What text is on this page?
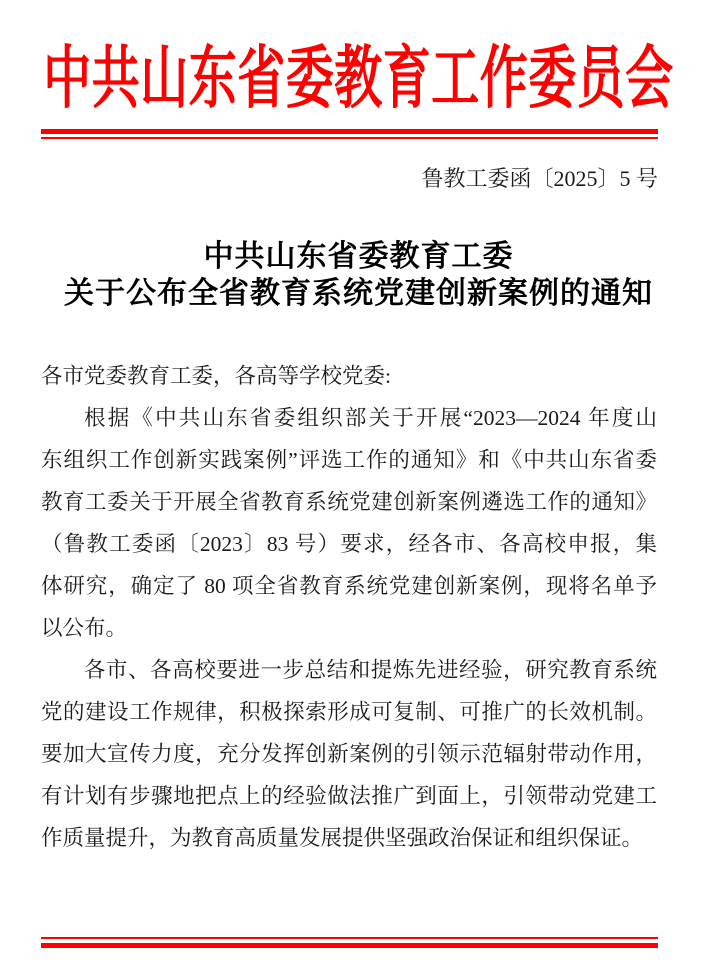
中共山东省委教育工作委员会
鲁教工委函〔2025〕5 号
中共山东省委教育工委
关于公布全省教育系统党建创新案例的通知
各市党委教育工委，各高等学校党委:
根据《中共山东省委组织部关于开展“2023—2024 年度山
东组织工作创新实践案例”评选工作的通知》和《中共山东省委
教育工委关于开展全省教育系统党建创新案例遴选工作的通知》
（鲁教工委函〔2023〕83 号）要求，经各市、各高校申报，集
体研究，确定了 80 项全省教育系统党建创新案例，现将名单予
以公布。
各市、各高校要进一步总结和提炼先进经验，研究教育系统
党的建设工作规律，积极探索形成可复制、可推广的长效机制。
要加大宣传力度，充分发挥创新案例的引领示范辐射带动作用，
有计划有步骤地把点上的经验做法推广到面上，引领带动党建工
作质量提升，为教育高质量发展提供坚强政治保证和组织保证。
